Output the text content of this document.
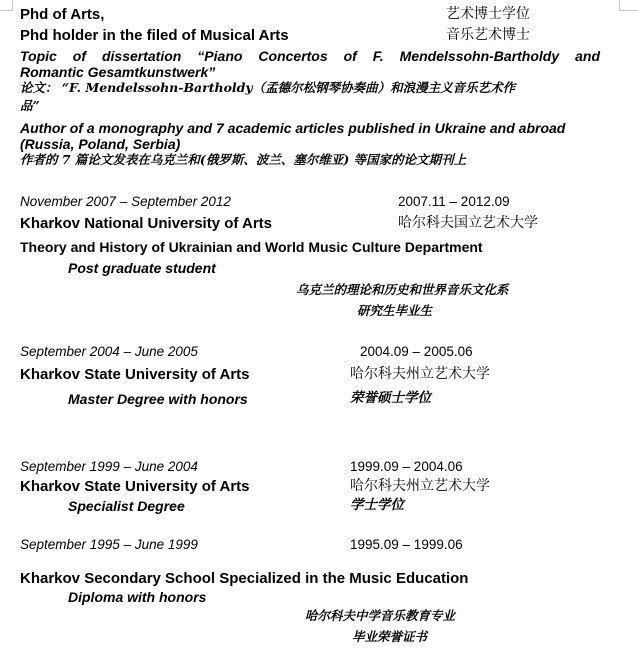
Phd of Arts,	艺术博士学位
Phd holder in the filed of Musical Arts	音乐艺术博士
Topic of dissertation “Piano Concertos of F. Mendelssohn-Bartholdy and
Romantic Gesamtkunstwerk”
论文： “F. Mendelssohn-Bartholdy（孟德尔松钢琴协奏曲）和浪漫主义音乐艺术作
品”
Author of a monography and 7 academic articles published in Ukraine and abroad
(Russia, Poland, Serbia)
作者的 7 篇论文发表在乌克兰和(俄罗斯、波兰、塞尔维亚) 等国家的论文期刊上
November 2007 – September 2012	2007.11 – 2012.09
Kharkov National University of Arts	哈尔科夫国立艺术大学
Theory and History of Ukrainian and World Music Culture Department
Post graduate student
乌克兰的理论和历史和世界音乐文化系
研究生毕业生
September 2004 – June 2005	2004.09 – 2005.06
Kharkov State University of Arts	哈尔科夫州立艺术大学
Master Degree with honors	荣誉硕士学位
September 1999 – June 2004	1999.09 – 2004.06
Kharkov State University of Arts	哈尔科夫州立艺术大学
Specialist Degree	学士学位
September 1995 – June 1999	1995.09 – 1999.06
Kharkov Secondary School Specialized in the Music Education
Diploma with honors
哈尔科夫中学音乐教育专业
毕业荣誉证书
